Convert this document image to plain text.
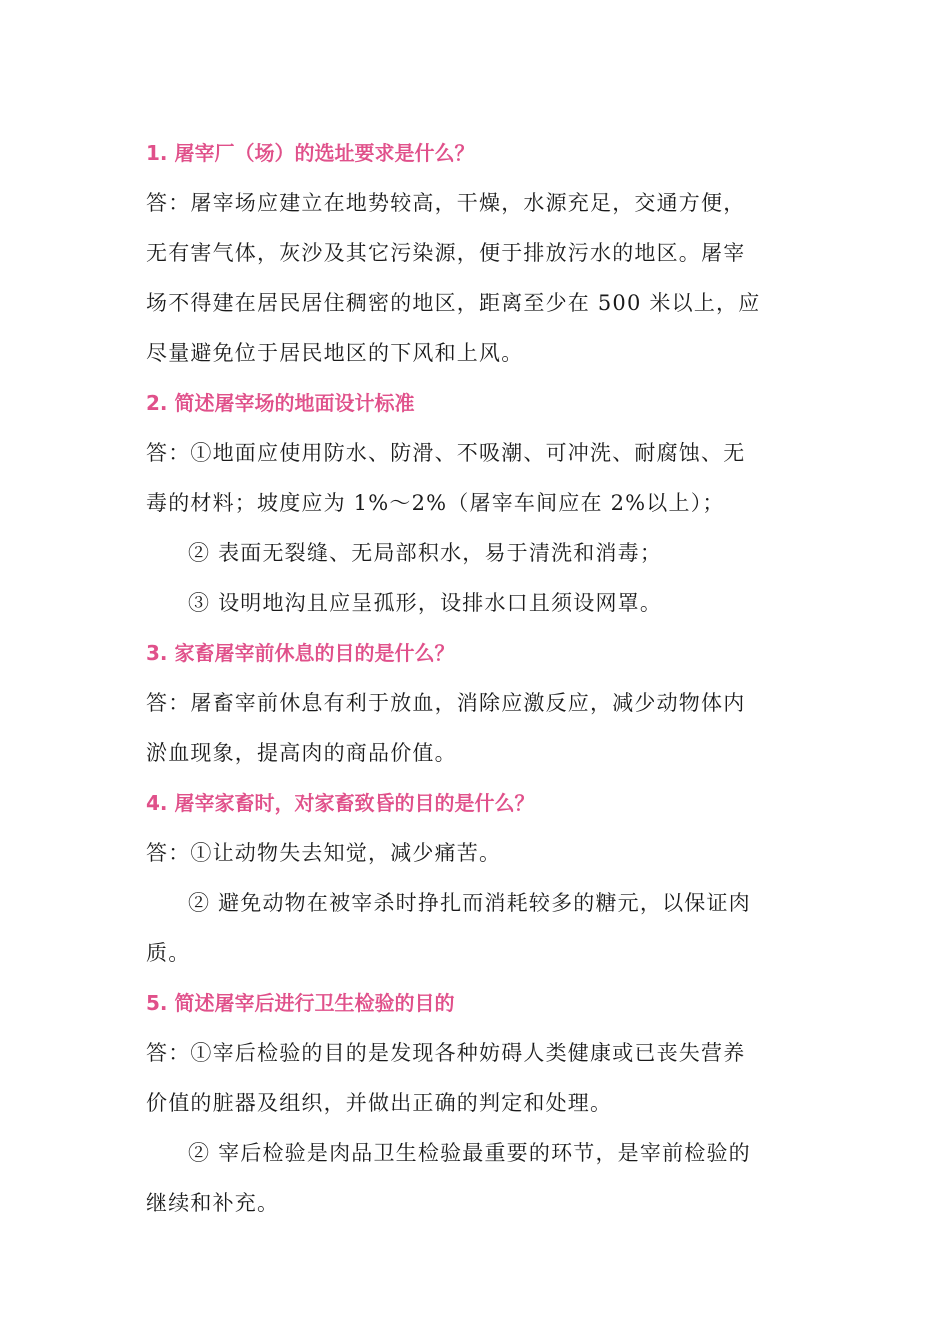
1. 屠宰厂（场）的选址要求是什么？
答：屠宰场应建立在地势较高，干燥，水源充足，交通方便，
无有害气体，灰沙及其它污染源，便于排放污水的地区。屠宰
场不得建在居民居住稠密的地区，距离至少在 500 米以上，应
尽量避免位于居民地区的下风和上风。
2. 简述屠宰场的地面设计标准
答：①地面应使用防水、防滑、不吸潮、可冲洗、耐腐蚀、无
毒的材料；坡度应为 1%～2%（屠宰车间应在 2%以上）；
② 表面无裂缝、无局部积水，易于清洗和消毒；
③ 设明地沟且应呈孤形，设排水口且须设网罩。
3. 家畜屠宰前休息的目的是什么？
答：屠畜宰前休息有利于放血，消除应激反应，减少动物体内
淤血现象，提高肉的商品价值。
4. 屠宰家畜时，对家畜致昏的目的是什么？
答：①让动物失去知觉，减少痛苦。
② 避免动物在被宰杀时挣扎而消耗较多的糖元，以保证肉
质。
5. 简述屠宰后进行卫生检验的目的
答：①宰后检验的目的是发现各种妨碍人类健康或已丧失营养
价值的脏器及组织，并做出正确的判定和处理。
② 宰后检验是肉品卫生检验最重要的环节，是宰前检验的
继续和补充。
